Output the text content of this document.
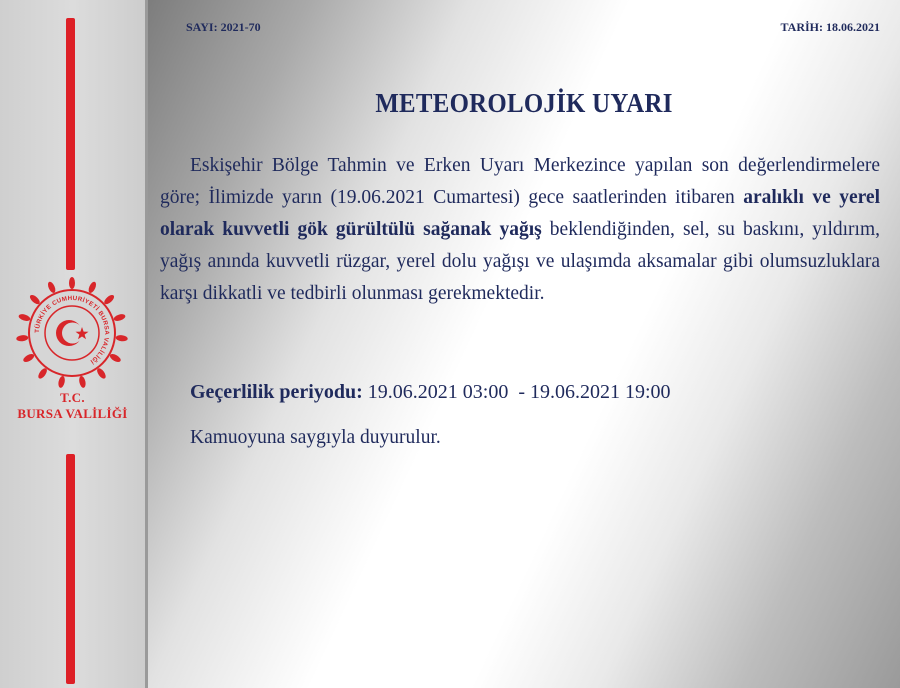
TÜRKİYE CUMHURİYETİ BURSA VALİLİĞİ
T.C.
BURSA VALİLİĞİ
SAYI: 2021-70	TARİH: 18.06.2021
METEOROLOJİK UYARI

Eskişehir Bölge Tahmin ve Erken Uyarı Merkezince yapılan son değerlendirmelere göre; İlimizde yarın (19.06.2021 Cumartesi) gece saatlerinden itibaren aralıklı ve yerel olarak kuvvetli gök gürültülü sağanak yağış beklendiğinden, sel, su baskını, yıldırım, yağış anında kuvvetli rüzgar, yerel dolu yağışı ve ulaşımda aksamalar gibi olumsuzluklara karşı dikkatli ve tedbirli olunması gerekmektedir.

Geçerlilik periyodu: 19.06.2021 03:00  - 19.06.2021 19:00
Kamuoyuna saygıyla duyurulur.
